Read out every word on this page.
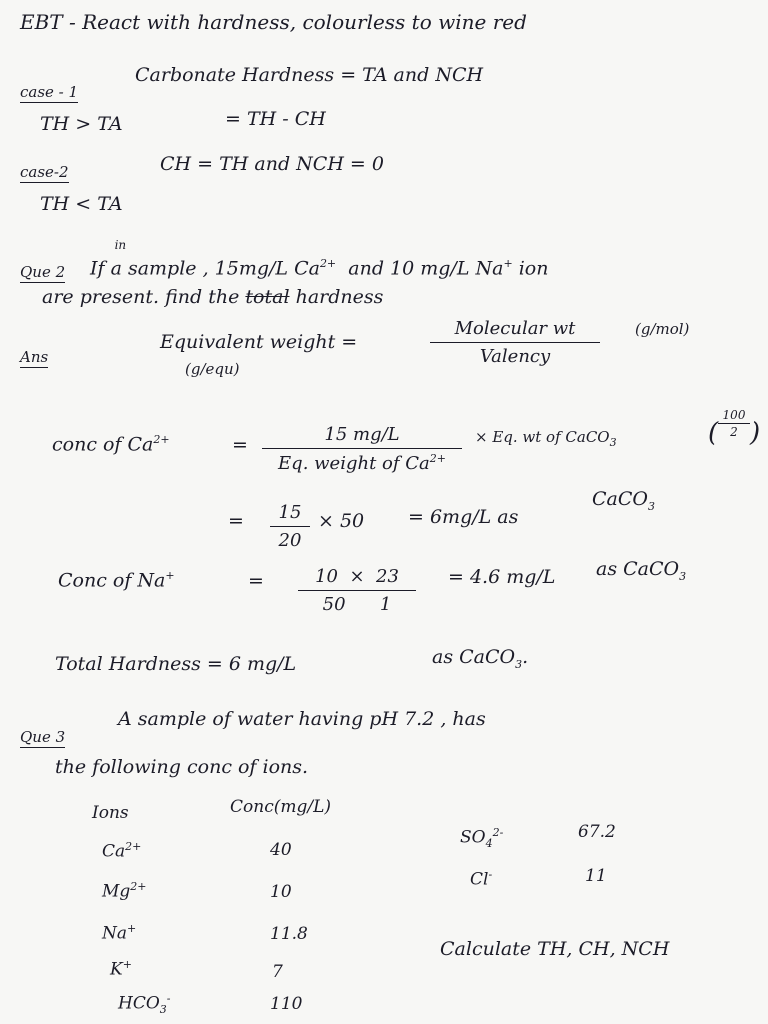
EBT - React with hardness, colourless to wine red
case - 1
Carbonate Hardness = TA and NCH
TH > TA	= TH - CH
case-2	CH = TH and NCH = 0
TH < TA
Que 2 If
in
a sample , 15mg/L $Ca^{2+}$ and 10 mg/L Na+ ion
are present. find the total hardness
Ans
Equivalent weight =
(g/equ)
Molecular wt
Valency
(g/mol)
conc of $Ca^{2+}$	=	15 mg/L
Eq. weight of $Ca^{2+}$
× Eq. wt of CaCO$_3$	(
100
2 )
=	15
20
× 50 = 6mg/L as
CaCO$_3$
Conc of Na+	=	10 × 23
50 1
= 4.6 mg/L as CaCO$_3$
Total Hardness = 6 mg/L	as CaCO$_3$.
Que 3
A sample of water having pH 7.2 , has
the following conc of ions.
Ions	Conc(mg/L)
$Ca^{2+}$	40
$Mg^{2+}$	10
Na+	11.8
K+	7
$HCO_3^-$	110
$SO_4^{2-}$	67.2
Cl-	11
Calculate TH, CH, NCH
